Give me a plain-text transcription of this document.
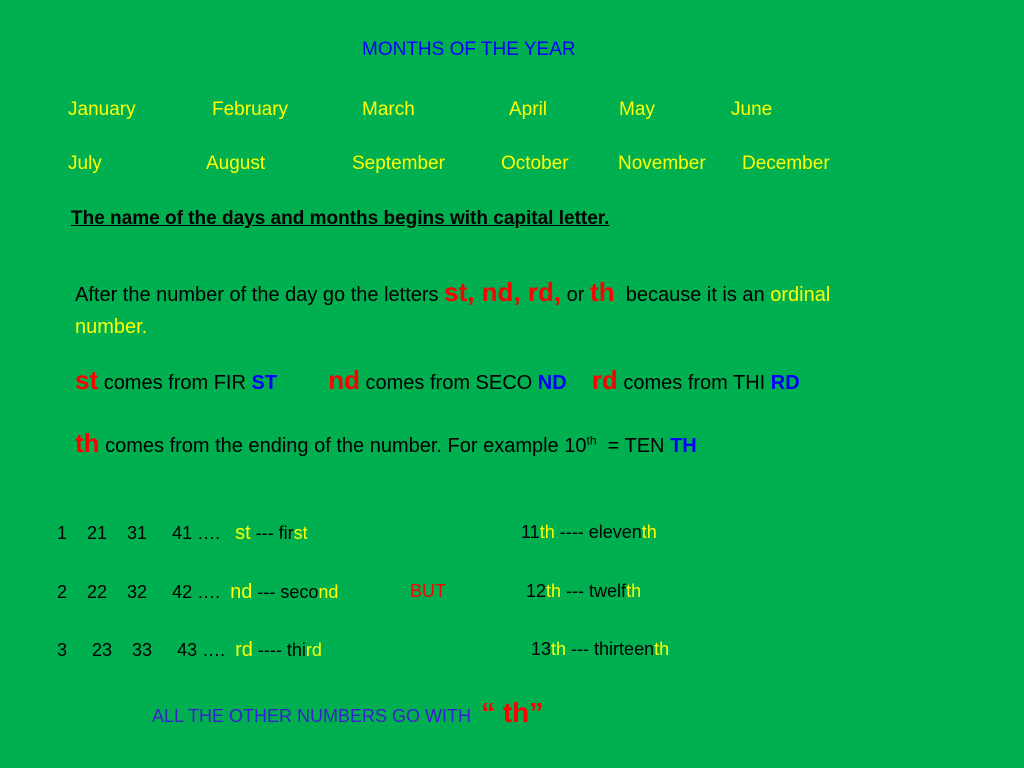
MONTHS OF THE YEAR
January	February	March	April	May	June
July	August	September	October	November December
The name of the days and months begins with capital letter.
After the number of the day go the letters st, nd, rd, or th because it is an ordinal
number.
st comes from FIR ST nd comes from SECO ND rd comes from THI RD
th comes from the ending of the number. For example 10th = TEN TH
1    21    31     41 …. st --- first	11th ---- eleventh
2    22    32     42 …. nd --- second	BUT	12th --- twelfth
3     23    33     43 …. rd ---- third	13th --- thirteenth
ALL THE OTHER NUMBERS GO WITH “ th”
